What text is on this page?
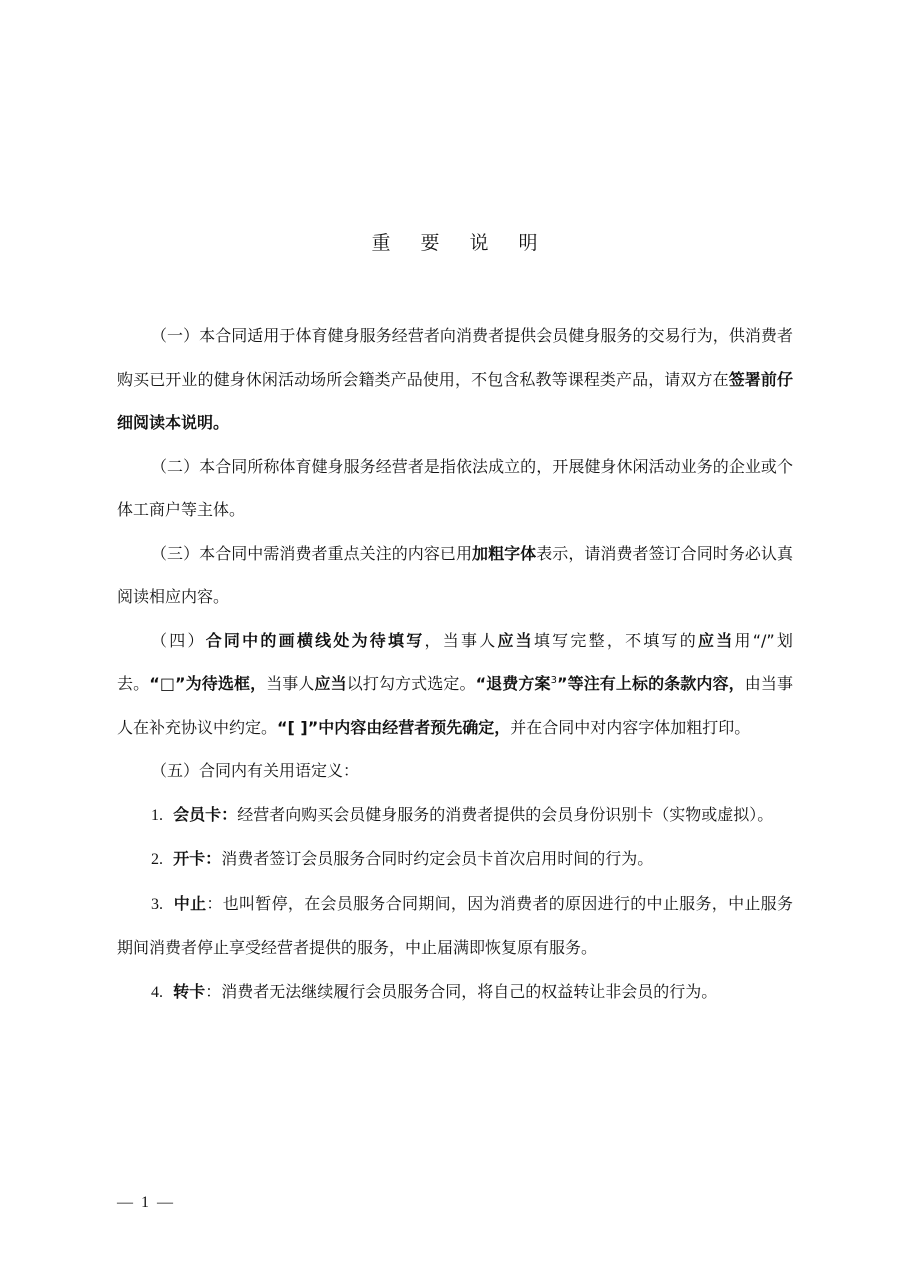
重 要 说 明

（一）本合同适用于体育健身服务经营者向消费者提供会员健身服务的交易行为，供消费者购买已开业的健身休闲活动场所会籍类产品使用，不包含私教等课程类产品，请双方在签署前仔细阅读本说明。

（二）本合同所称体育健身服务经营者是指依法成立的，开展健身休闲活动业务的企业或个体工商户等主体。

（三）本合同中需消费者重点关注的内容已用加粗字体表示，请消费者签订合同时务必认真阅读相应内容。

（四）合同中的画横线处为待填写，当事人应当填写完整，不填写的应当用“/”划去。“□”为待选框，当事人应当以打勾方式选定。“退费方案$^3$”等注有上标的条款内容，由当事人在补充协议中约定。“[ ]”中内容由经营者预先确定，并在合同中对内容字体加粗打印。

（五）合同内有关用语定义：

1. 会员卡：经营者向购买会员健身服务的消费者提供的会员身份识别卡（实物或虚拟）。

2. 开卡：消费者签订会员服务合同时约定会员卡首次启用时间的行为。

3. 中止：也叫暂停，在会员服务合同期间，因为消费者的原因进行的中止服务，中止服务期间消费者停止享受经营者提供的服务，中止届满即恢复原有服务。

4. 转卡：消费者无法继续履行会员服务合同，将自己的权益转让非会员的行为。

— 1 —
